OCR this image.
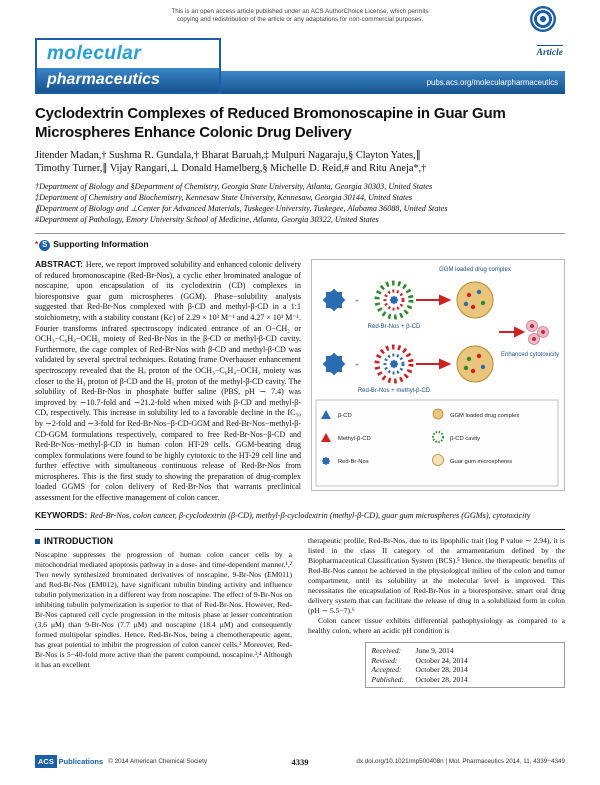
This is an open access article published under an ACS AuthorChoice License, which permits copying and redistribution of the article or any adaptations for non-commercial purposes.
Article
pubs.acs.org/molecularpharmaceutics
molecular
pharmaceutics
Cyclodextrin Complexes of Reduced Bromonoscapine in Guar Gum Microspheres Enhance Colonic Drug Delivery
Jitender Madan,† Sushma R. Gundala,† Bharat Baruah,‡ Mulpuri Nagaraju,§ Clayton Yates,∥
Timothy Turner,∥ Vijay Rangari,⊥ Donald Hamelberg,§ Michelle D. Reid,# and Ritu Aneja*,†
†Department of Biology and §Department of Chemistry, Georgia State University, Atlanta, Georgia 30303, United States
‡Department of Chemistry and Biochemistry, Kennesaw State University, Kennesaw, Georgia 30144, United States
∥Department of Biology and ⊥Center for Advanced Materials, Tuskegee University, Tuskegee, Alabama 36088, United States
#Department of Pathology, Emory University School of Medicine, Atlanta, Georgia 30322, United States
* S Supporting Information
GGM loaded drug complex
+
Red-Br-Nos + β-CD
Enhanced cytotoxicity
+
Red-Br-Nos + methyl-β-CD
β-CD
Methyl-β-CD
Red-Br-Nos
GGM loaded drug complex
β-CD cavity
Guar gum microspheres
ABSTRACT: Here, we report improved solubility and enhanced colonic delivery of reduced bromonoscapine (Red-Br-Nos), a cyclic ether brominated analogue of noscapine, upon encapsulation of its cyclodextrin (CD) complexes in bioresponsive guar gum microspheres (GGM). Phase−solubility analysis suggested that Red-Br-Nos complexed with β-CD and methyl-β-CD in a 1:1 stoichiometry, with a stability constant (Kc) of 2.29 × 10³ M⁻¹ and 4.27 × 10³ M⁻¹. Fourier transforms infrared spectroscopy indicated entrance of an O−CH₂ or OCH₃−C₆H₄−OCH₃ moiety of Red-Br-Nos in the β-CD or methyl-β-CD cavity. Furthermore, the cage complex of Red-Br-Nos with β-CD and methyl-β-CD was validated by several spectral techniques. Rotating frame Overhauser enhancement spectroscopy revealed that the Hₐ proton of the OCH₃−C₆H₄−OCH₃ moiety was closer to the H₃ proton of β-CD and the H₅ proton of the methyl-β-CD cavity. The solubility of Red-Br-Nos in phosphate buffer saline (PBS, pH ∼ 7.4) was improved by ∼10.7-fold and ∼21.2-fold when mixed with β-CD and methyl-β-CD, respectively. This increase in solubility led to a favorable decline in the IC₅₀ by ∼2-fold and ∼3-fold for Red-Br-Nos−β-CD-GGM and Red-Br-Nos−methyl-β-CD-GGM formulations respectively, compared to free Red-Br-Nos−β-CD and Red-Br-Nos−methyl-β-CD in human colon HT-29 cells. GGM-bearing drug complex formulations were found to be highly cytotoxic to the HT-29 cell line and further effective with simultaneous continuous release of Red-Br-Nos from microspheres. This is the first study to showing the preparation of drug-complex loaded GGMS for colon delivery of Red-Br-Nos that warrants preclinical assessment for the effective management of colon cancer.
KEYWORDS: Red-Br-Nos, colon cancer, β-cyclodextrin (β-CD), methyl-β-cyclodextrin (methyl-β-CD), guar gum microspheres (GGMs), cytotoxicity
INTRODUCTION
Noscapine suppresses the progression of human colon cancer cells by a mitochondrial mediated apoptosis pathway in a dose- and time-dependent manner.¹,² Two newly synthesized brominated derivatives of noscapine, 9-Br-Nos (EM011) and Red-Br-Nos (EM012), have significant tubulin binding activity and influence tubulin polymerization in a different way from noscapine. The effect of 9-Br-Nos on inhibiting tubulin polymerization is superior to that of Red-Br-Nos. However, Red-Br-Nos captured cell cycle progression in the mitosis phase at lesser concentration (3.6 μM) than 9-Br-Nos (7.7 μM) and noscapine (18.4 μM) and consequently formed multipolar spindles. Hence, Red-Br-Nos, being a chemotherapeutic agent, has great potential to inhibit the progression of colon cancer cells.³ Moreover, Red-Br-Nos is 5−40-fold more active than the parent compound, noscapine.³,⁴ Although it has an excellent
therapeutic profile, Red-Br-Nos, due to its lipophilic trait (log P value ∼ 2.94), it is listed in the class II category of the armamentarium defined by the Biopharmaceutical Classification System (BCS).⁵ Hence, the therapeutic benefits of Red-Br-Nos cannot be achieved in the physiological milieu of the colon and tumor compartment, until its solubility at the molecular level is improved. This necessitates the encapsulation of Red-Br-Nos in a bioresponsive, smart oral drug delivery system that can facilitate the release of drug in a solubilized form in colon (pH ∼ 5.5−7).⁶
Colon cancer tissue exhibits differential pathophysiology as compared to a healthy colon, where an acidic pH condition is
Received: June 9, 2014
Revised: October 24, 2014
Accepted: October 28, 2014
Published: October 28, 2014
4339
ACS Publications © 2014 American Chemical Society	dx.doi.org/10.1021/mp500408n | Mol. Pharmaceutics 2014, 11, 4339−4349
